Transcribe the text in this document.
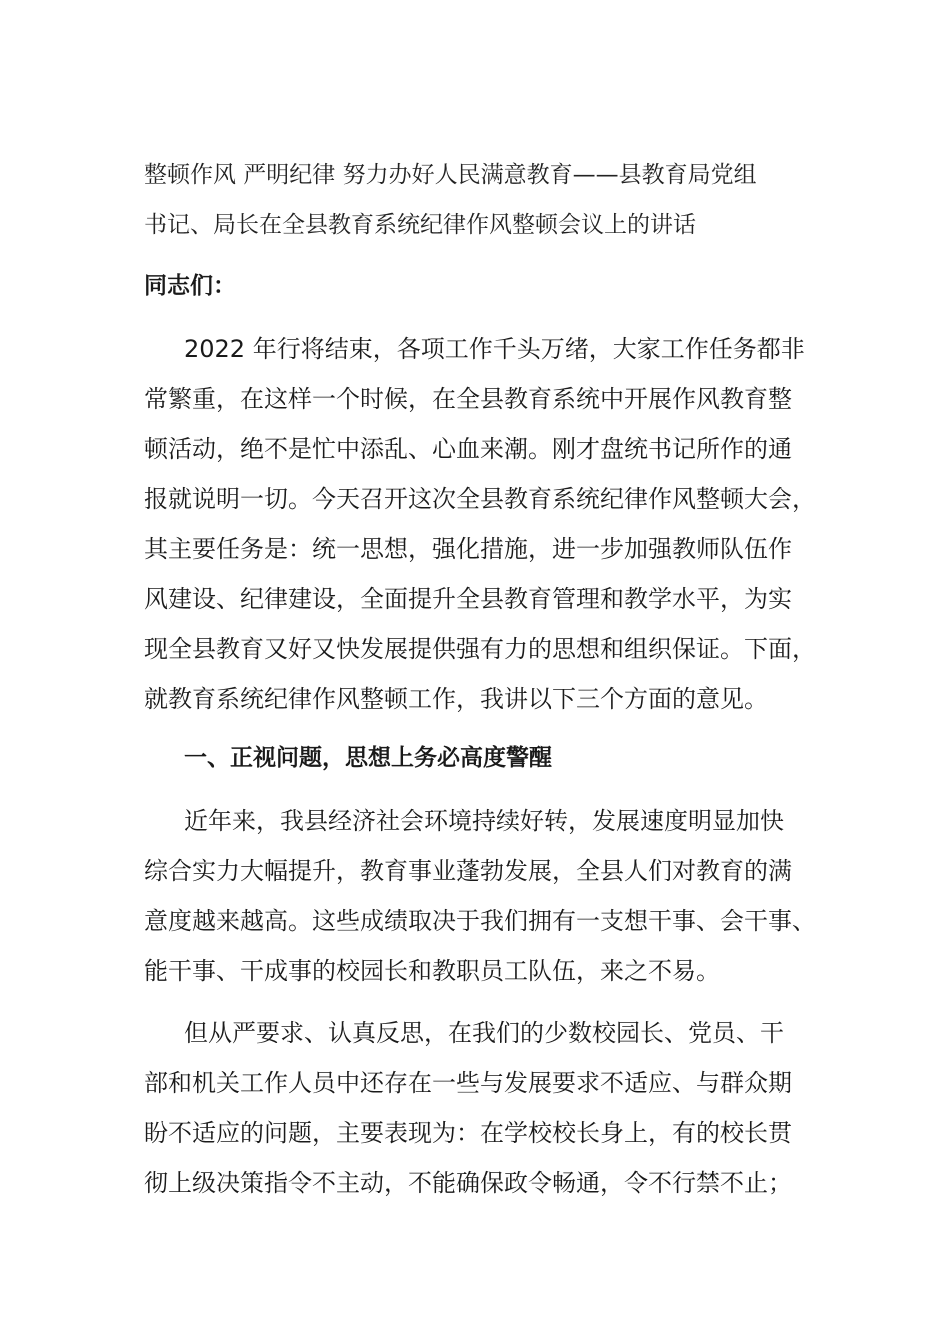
整顿作风 严明纪律 努力办好人民满意教育——县教育局党组
书记、局长在全县教育系统纪律作风整顿会议上的讲话
同志们：
2022 年行将结束，各项工作千头万绪，大家工作任务都非
常繁重，在这样一个时候，在全县教育系统中开展作风教育整
顿活动，绝不是忙中添乱、心血来潮。刚才盘统书记所作的通
报就说明一切。今天召开这次全县教育系统纪律作风整顿大会，
其主要任务是：统一思想，强化措施，进一步加强教师队伍作
风建设、纪律建设，全面提升全县教育管理和教学水平，为实
现全县教育又好又快发展提供强有力的思想和组织保证。下面，
就教育系统纪律作风整顿工作，我讲以下三个方面的意见。
一、正视问题，思想上务必高度警醒
近年来，我县经济社会环境持续好转，发展速度明显加快
综合实力大幅提升，教育事业蓬勃发展，全县人们对教育的满
意度越来越高。这些成绩取决于我们拥有一支想干事、会干事、
能干事、干成事的校园长和教职员工队伍，来之不易。
但从严要求、认真反思，在我们的少数校园长、党员、干
部和机关工作人员中还存在一些与发展要求不适应、与群众期
盼不适应的问题，主要表现为：在学校校长身上，有的校长贯
彻上级决策指令不主动，不能确保政令畅通，令不行禁不止；
